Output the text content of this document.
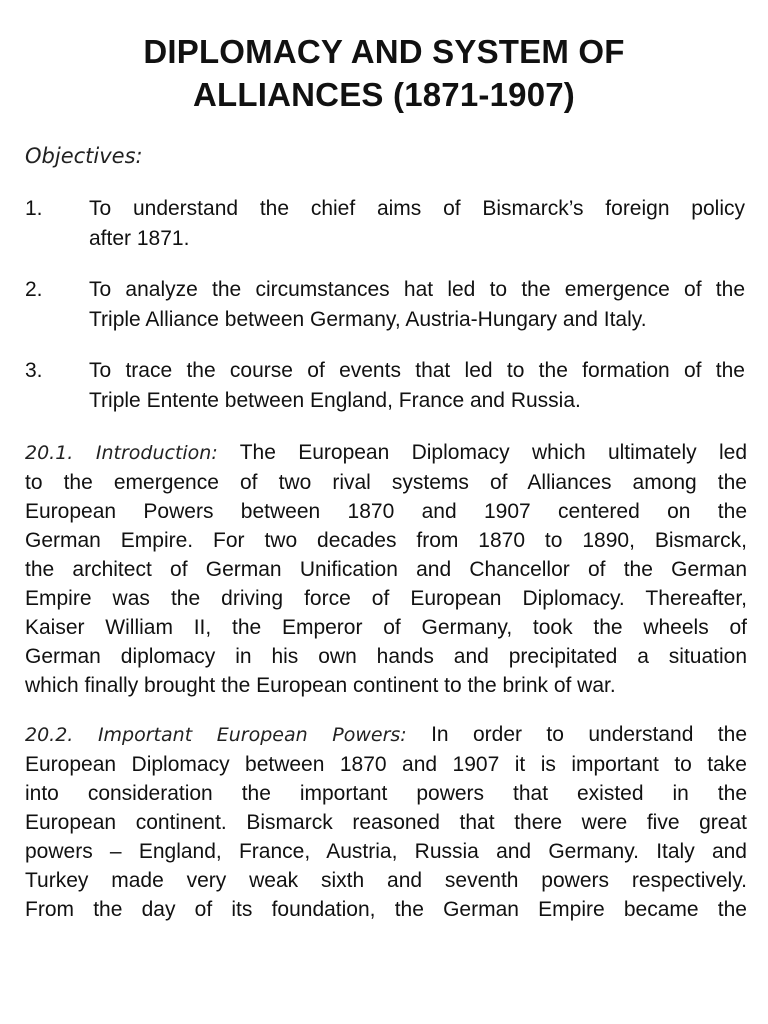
DIPLOMACY AND SYSTEM OF
ALLIANCES (1871-1907)
Objectives:
1. To understand the chief aims of Bismarck’s foreign policy
after 1871.
2. To analyze the circumstances hat led to the emergence of the
Triple Alliance between Germany, Austria-Hungary and Italy.
3. To trace the course of events that led to the formation of the
Triple Entente between England, France and Russia.
20.1. Introduction: The European Diplomacy which ultimately led
to the emergence of two rival systems of Alliances among the
European Powers between 1870 and 1907 centered on the
German Empire. For two decades from 1870 to 1890, Bismarck,
the architect of German Unification and Chancellor of the German
Empire was the driving force of European Diplomacy. Thereafter,
Kaiser William II, the Emperor of Germany, took the wheels of
German diplomacy in his own hands and precipitated a situation
which finally brought the European continent to the brink of war.
20.2. Important European Powers: In order to understand the
European Diplomacy between 1870 and 1907 it is important to take
into consideration the important powers that existed in the
European continent. Bismarck reasoned that there were five great
powers – England, France, Austria, Russia and Germany. Italy and
Turkey made very weak sixth and seventh powers respectively.
From the day of its foundation, the German Empire became the
